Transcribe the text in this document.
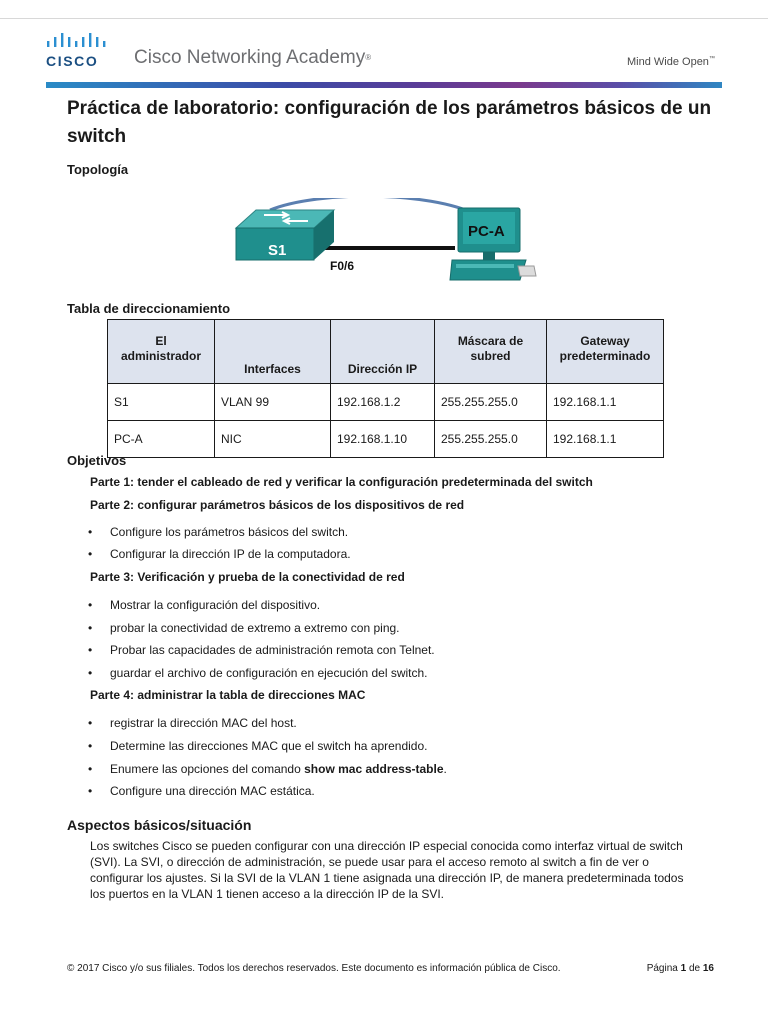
CISCO Cisco Networking Academy®	Mind Wide Open™
Práctica de laboratorio: configuración de los parámetros básicos de un switch
Topología
S1
F0/6
PC-A
Tabla de direccionamiento
El administrador	Interfaces	Dirección IP	Máscara de subred	Gateway predeterminado
S1	VLAN 99	192.168.1.2	255.255.255.0	192.168.1.1
PC-A	NIC	192.168.1.10	255.255.255.0	192.168.1.1
Objetivos
Parte 1: tender el cableado de red y verificar la configuración predeterminada del switch
Parte 2: configurar parámetros básicos de los dispositivos de red
• Configure los parámetros básicos del switch.
• Configurar la dirección IP de la computadora.
Parte 3: Verificación y prueba de la conectividad de red
• Mostrar la configuración del dispositivo.
• probar la conectividad de extremo a extremo con ping.
• Probar las capacidades de administración remota con Telnet.
• guardar el archivo de configuración en ejecución del switch.
Parte 4: administrar la tabla de direcciones MAC
• registrar la dirección MAC del host.
• Determine las direcciones MAC que el switch ha aprendido.
• Enumere las opciones del comando show mac address-table.
• Configure una dirección MAC estática.
Aspectos básicos/situación

Los switches Cisco se pueden configurar con una dirección IP especial conocida como interfaz virtual de switch (SVI). La SVI, o dirección de administración, se puede usar para el acceso remoto al switch a fin de ver o configurar los ajustes. Si la SVI de la VLAN 1 tiene asignada una dirección IP, de manera predeterminada todos los puertos en la VLAN 1 tienen acceso a la dirección IP de la SVI.

© 2017 Cisco y/o sus filiales. Todos los derechos reservados. Este documento es información pública de Cisco.	Página 1 de 16
